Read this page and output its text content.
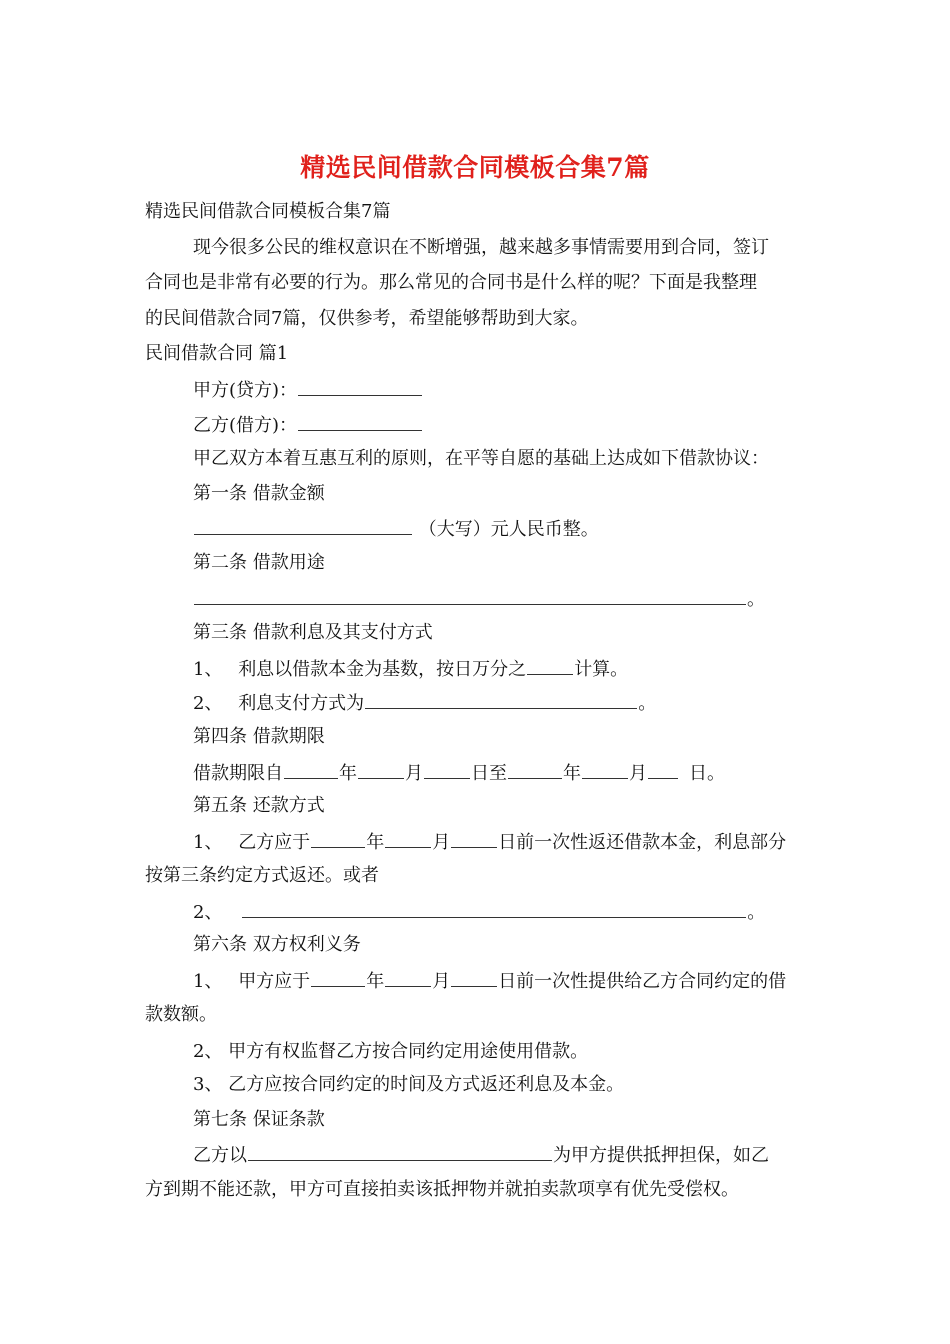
精选民间借款合同模板合集7篇
精选民间借款合同模板合集7篇
现今很多公民的维权意识在不断增强，越来越多事情需要用到合同，签订
合同也是非常有必要的行为。那么常见的合同书是什么样的呢？下面是我整理
的民间借款合同7篇，仅供参考，希望能够帮助到大家。
民间借款合同 篇1
甲方(贷方)：
乙方(借方)：
甲乙双方本着互惠互利的原则，在平等自愿的基础上达成如下借款协议：
第一条 借款金额
（大写）元人民币整。
第二条 借款用途
。
第三条 借款利息及其支付方式
1、 利息以借款本金为基数，按日万分之	计算。
2、 利息支付方式为	。
第四条 借款期限
借款期限自	年	月	日至	年	月 日。
第五条 还款方式
1、 乙方应于	年	月	日前一次性返还借款本金，利息部分
按第三条约定方式返还。或者
2、	。
第六条 双方权利义务
1、 甲方应于	年	月	日前一次性提供给乙方合同约定的借
款数额。
2、 甲方有权监督乙方按合同约定用途使用借款。
3、 乙方应按合同约定的时间及方式返还利息及本金。
第七条 保证条款
乙方以	为甲方提供抵押担保，如乙
方到期不能还款，甲方可直接拍卖该抵押物并就拍卖款项享有优先受偿权。
